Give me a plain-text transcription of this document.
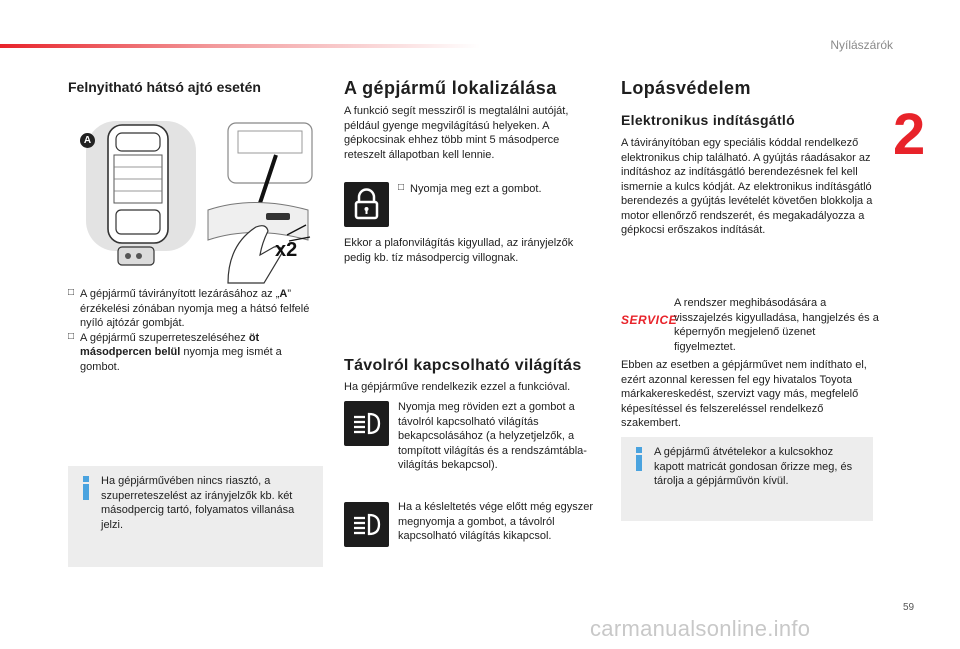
Nyílászárók
2
Felnyitható hátsó ajtó esetén
A
x2
□ A gépjármű távirányított lezárásához az „A” érzékelési zónában nyomja meg a hátsó felfelé nyíló ajtózár gombját.

□ A gépjármű szuperreteszeléséhez öt másodpercen belül nyomja meg ismét a gombot.

Ha gépjárművében nincs riasztó, a szuperreteszelést az irányjelzők kb. két másodpercig tartó, folyamatos villanása jelzi.

A gépjármű lokalizálása

A funkció segít messziről is megtalálni autóját, például gyenge megvilágítású helyeken. A gépkocsinak ehhez több mint 5 másodperce reteszelt állapotban kell lennie.

□ Nyomja meg ezt a gombot.

Ekkor a plafonvilágítás kigyullad, az irányjelzők pedig kb. tíz másodpercig villognak.

Távolról kapcsolható világítás

Ha gépjárműve rendelkezik ezzel a funkcióval.

Nyomja meg röviden ezt a gombot a távolról kapcsolható világítás bekapcsolásához (a helyzetjelzők, a tompított világítás és a rendszámtábla-világítás bekapcsol).

Ha a késleltetés vége előtt még egyszer megnyomja a gombot, a távolról kapcsolható világítás kikapcsol.

Lopásvédelem
Elektronikus indításgátló

A távirányítóban egy speciális kóddal rendelkező elektronikus chip található. A gyújtás ráadásakor az indításhoz az indításgátló berendezésnek fel kell ismernie a kulcs kódját. Az elektronikus indításgátló berendezés a gyújtás levételét követően blokkolja a motor ellenőrző rendszerét, és megakadályozza a gépkocsi erőszakos indítását.

SERVICE

A rendszer meghibásodására a visszajelzés kigyulladása, hangjelzés és a képernyőn megjelenő üzenet figyelmeztet.

Ebben az esetben a gépjárművet nem indíthato el, ezért azonnal keressen fel egy hivatalos Toyota márkakereskedést, szervizt vagy más, megfelelő képesítéssel és felszereléssel rendelkező szakembert.

A gépjármű átvételekor a kulcsokhoz kapott matricát gondosan őrizze meg, és tárolja a gépjárművön kívül.

59
carmanualsonline.info
